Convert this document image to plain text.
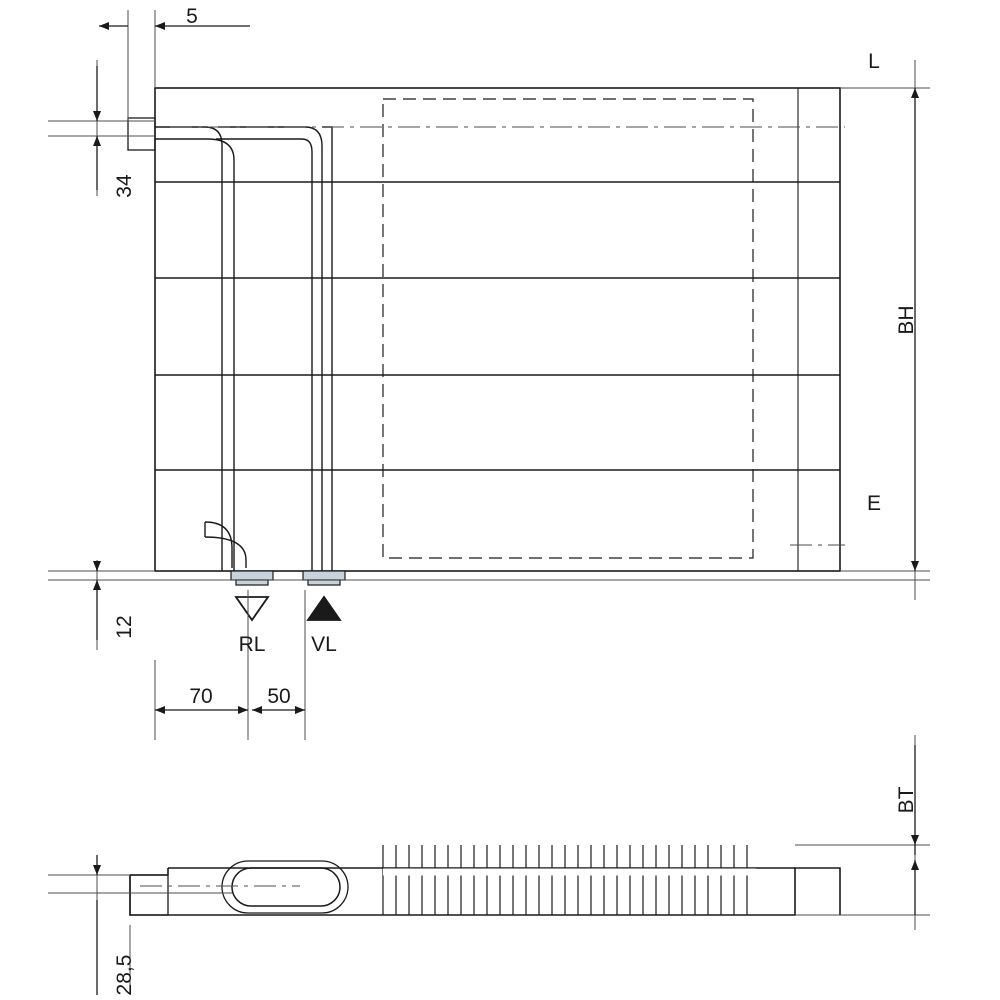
5
34
12
70	50
28,5
L
BH
E
BT
RL VL
